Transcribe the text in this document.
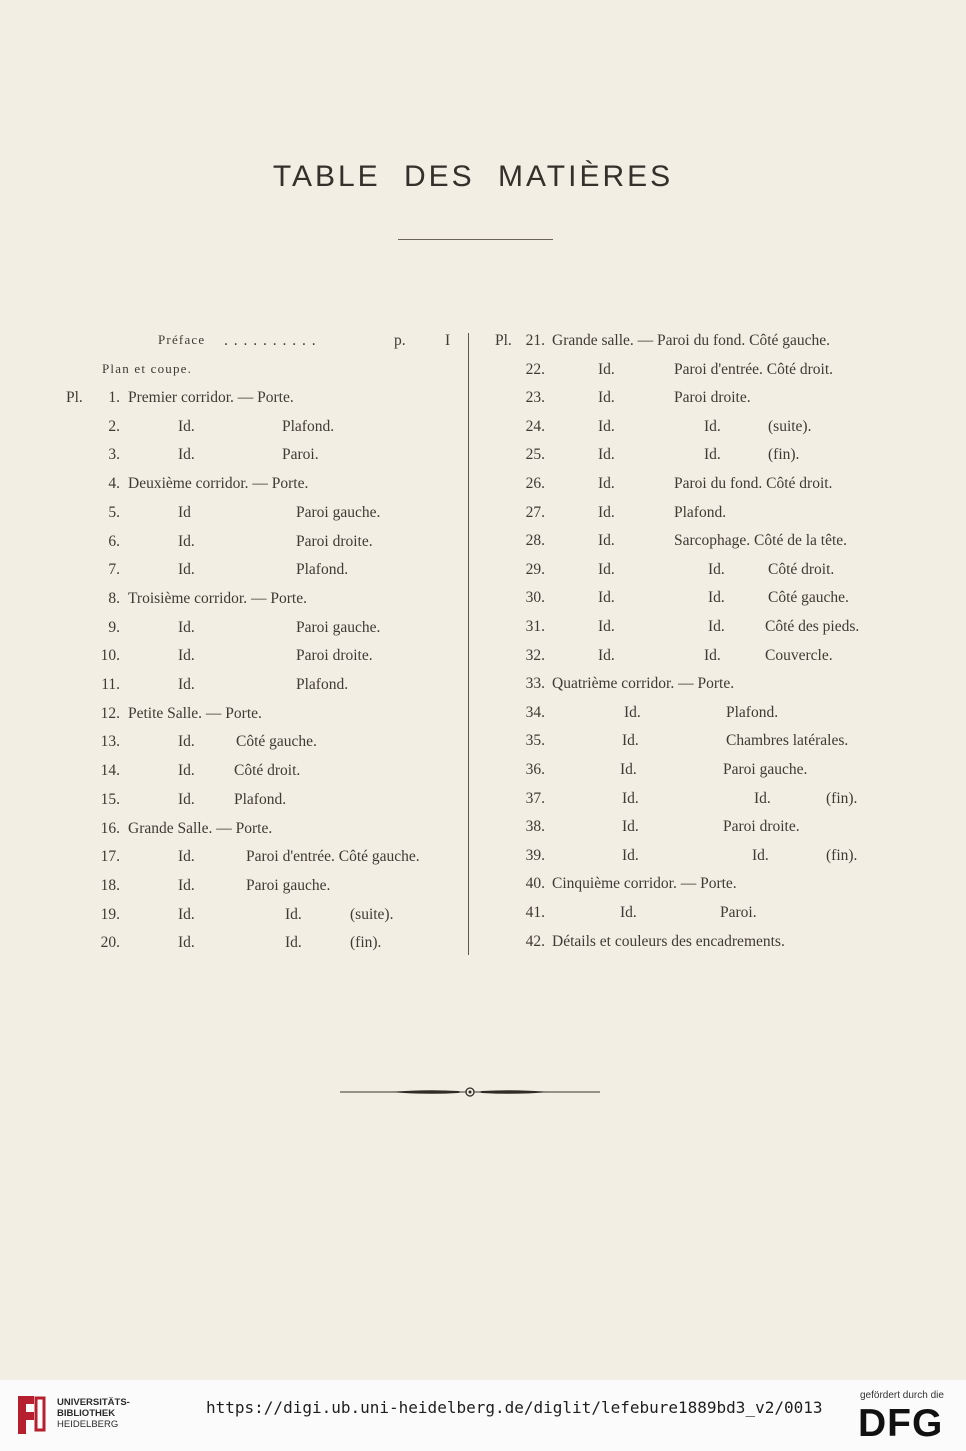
TABLE DES MATIÈRES
Préface . . . . . . . . . .	p.	I
Plan et coupe.
Pl. 1. Premier corridor. — Porte.
2.	Id.	Plafond.
3.	Id.	Paroi.
4. Deuxième corridor. — Porte.
5.	Id	Paroi gauche.
6.	Id.	Paroi droite.
7.	Id.	Plafond.
8. Troisième corridor. — Porte.
9.	Id.	Paroi gauche.
10.	Id.	Paroi droite.
11.	Id.	Plafond.
12. Petite Salle. — Porte.
13.	Id.	Côté gauche.
14.	Id.	Côté droit.
15.	Id.	Plafond.
16. Grande Salle. — Porte.
17.	Id.	Paroi d'entrée. Côté gauche.
18.	Id.	Paroi gauche.
19.	Id.	Id.	(suite).
20.	Id.	Id.	(fin).
Pl. 21. Grande salle. — Paroi du fond. Côté gauche.
22.	Id.	Paroi d'entrée. Côté droit.
23.	Id.	Paroi droite.
24.	Id.	Id.	(suite).
25.	Id.	Id.	(fin).
26.	Id.	Paroi du fond. Côté droit.
27.	Id.	Plafond.
28.	Id.	Sarcophage. Côté de la tête.
29.	Id.	Id.	Côté droit.
30.	Id.	Id.	Côté gauche.
31.	Id.	Id.	Côté des pieds.
32.	Id.	Id.	Couvercle.
33. Quatrième corridor. — Porte.
34.	Id.	Plafond.
35.	Id.	Chambres latérales.
36.	Id.	Paroi gauche.
37.	Id.	Id.	(fin).
38.	Id.	Paroi droite.
39.	Id.	Id.	(fin).
40. Cinquième corridor. — Porte.
41.	Id.	Paroi.
42. Détails et couleurs des encadrements.
UNIVERSITÄTS-
BIBLIOTHEK
HEIDELBERG
https://digi.ub.uni-heidelberg.de/diglit/lefebure1889bd3_v2/0013
gefördert durch die
DFG
